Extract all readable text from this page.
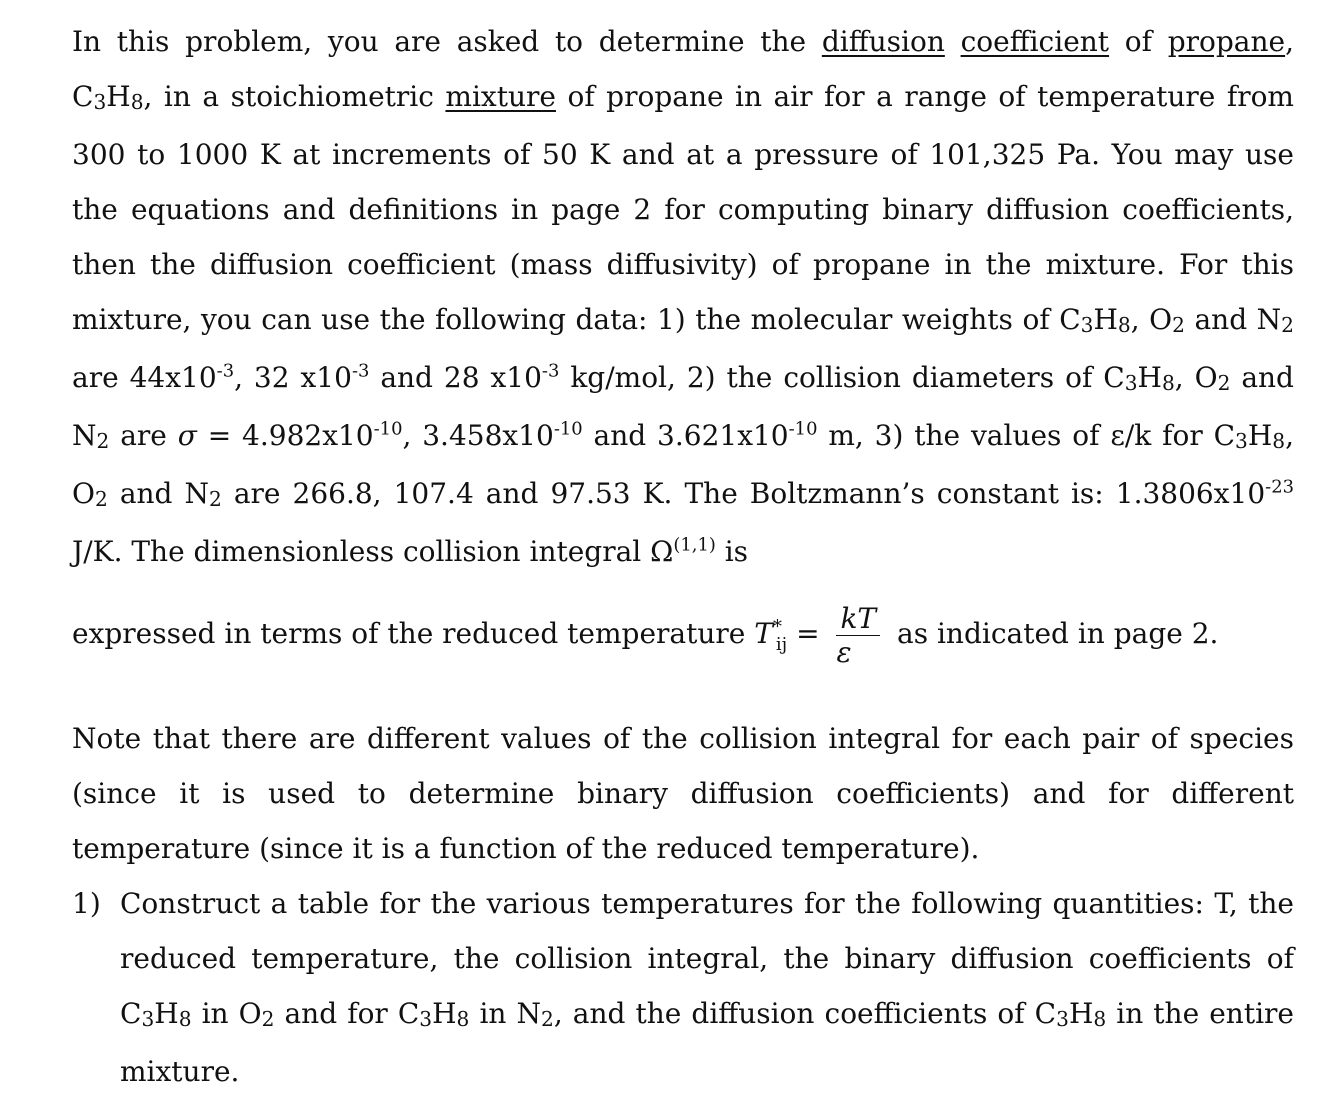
In this problem, you are asked to determine the diffusion coefficient of propane, C3H8, in a stoichiometric mixture of propane in air for a range of temperature from 300 to 1000 K at increments of 50 K and at a pressure of 101,325 Pa. You may use the equations and definitions in page 2 for computing binary diffusion coefficients, then the diffusion coefficient (mass diffusivity) of propane in the mixture. For this mixture, you can use the following data: 1) the molecular weights of C3H8, O2 and N2 are $44x10^{-3}$, 32 $x10^{-3}$ and 28 $x10^{-3}$ kg/mol, 2) the collision diameters of C3H8, O2 and N2 are $\sigma = 4.982x10^{-10}$, $3.458x10^{-10}$ and $3.621x10^{-10}$ m, 3) the values of ε/k for C3H8, O2 and N2 are 266.8, 107.4 and 97.53 K. The Boltzmann’s constant is: $1.3806x10^{-23}$ J/K. The dimensionless collision integral Ω$^{(1,1)}$ is

expressed in terms of the reduced temperature $T^*_{ij} = \frac{kT}{\varepsilon}$ as indicated in page 2.

Note that there are different values of the collision integral for each pair of species (since it is used to determine binary diffusion coefficients) and for different temperature (since it is a function of the reduced temperature).

1) Construct a table for the various temperatures for the following quantities: T, the reduced temperature, the collision integral, the binary diffusion coefficients of C3H8 in O2 and for C3H8 in N2, and the diffusion coefficients of C3H8 in the entire mixture.
